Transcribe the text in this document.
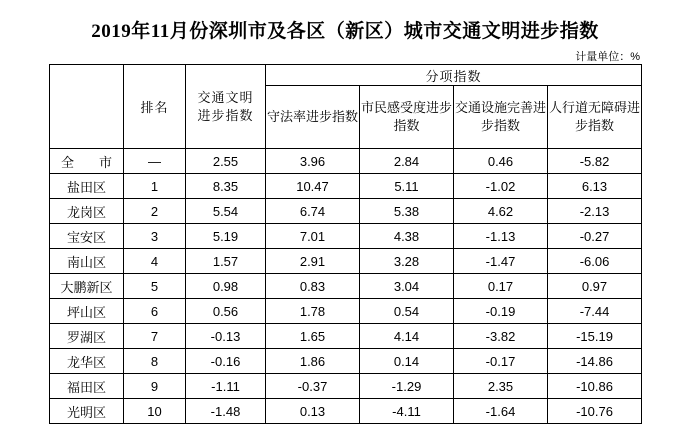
2019年11月份深圳市及各区（新区）城市交通文明进步指数
计量单位：%
	排名	交通文明进步指数	分项指数			
			守法率进步指数	市民感受度进步指数	交通设施完善进步指数	人行道无障碍进步指数
全　市	—	2.55	3.96	2.84	0.46	-5.82
盐田区	1	8.35	10.47	5.11	-1.02	6.13
龙岗区	2	5.54	6.74	5.38	4.62	-2.13
宝安区	3	5.19	7.01	4.38	-1.13	-0.27
南山区	4	1.57	2.91	3.28	-1.47	-6.06
大鹏新区	5	0.98	0.83	3.04	0.17	0.97
坪山区	6	0.56	1.78	0.54	-0.19	-7.44
罗湖区	7	-0.13	1.65	4.14	-3.82	-15.19
龙华区	8	-0.16	1.86	0.14	-0.17	-14.86
福田区	9	-1.11	-0.37	-1.29	2.35	-10.86
光明区	10	-1.48	0.13	-4.11	-1.64	-10.76
